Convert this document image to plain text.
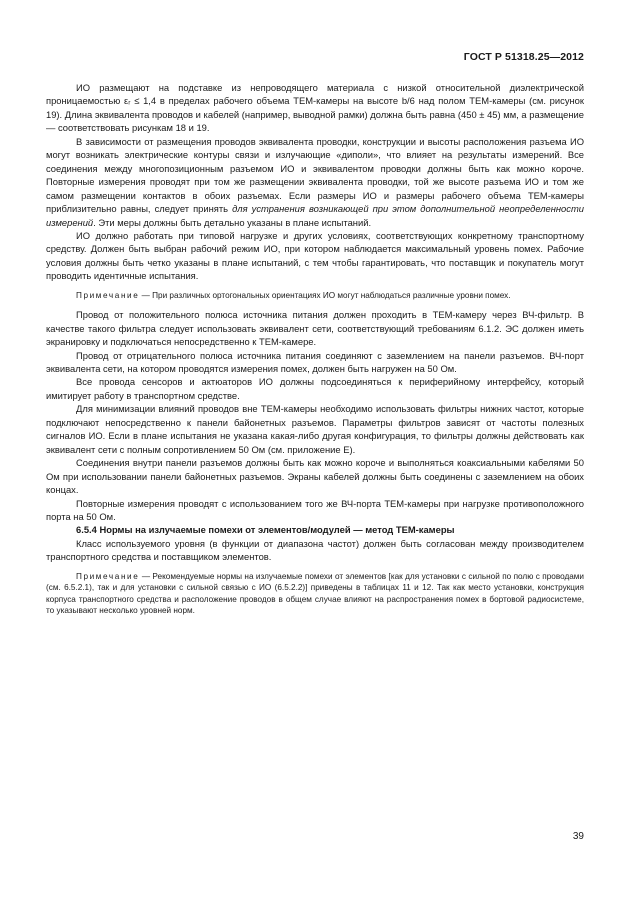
ГОСТ Р 51318.25—2012

ИО размещают на подставке из непроводящего материала с низкой относительной диэлектрической проницаемостью εᵣ ≤ 1,4 в пределах рабочего объема ТЕМ-камеры на высоте b/6 над полом ТЕМ-камеры (см. рисунок 19). Длина эквивалента проводов и кабелей (например, выводной рамки) должна быть равна (450 ± 45) мм, а размещение — соответствовать рисункам 18 и 19.

В зависимости от размещения проводов эквивалента проводки, конструкции и высоты расположения разъема ИО могут возникать электрические контуры связи и излучающие «диполи», что влияет на результаты измерений. Все соединения между многопозиционным разъемом ИО и эквивалентом проводки должны быть как можно короче. Повторные измерения проводят при том же размещении эквивалента проводки, той же высоте разъема ИО и том же самом размещении контактов в обоих разъемах. Если размеры ИО и размеры рабочего объема ТЕМ-камеры приблизительно равны, следует принять для устранения возникающей при этом дополнительной неопределенности измерений. Эти меры должны быть детально указаны в плане испытаний.

ИО должно работать при типовой нагрузке и других условиях, соответствующих конкретному транспортному средству. Должен быть выбран рабочий режим ИО, при котором наблюдается максимальный уровень помех. Рабочие условия должны быть четко указаны в плане испытаний, с тем чтобы гарантировать, что поставщик и покупатель могут проводить идентичные испытания.

Примечание — При различных ортогональных ориентациях ИО могут наблюдаться различные уровни помех.

Провод от положительного полюса источника питания должен проходить в ТЕМ-камеру через ВЧ-фильтр. В качестве такого фильтра следует использовать эквивалент сети, соответствующий требованиям 6.1.2. ЭС должен иметь экранировку и подключаться непосредственно к ТЕМ-камере.

Провод от отрицательного полюса источника питания соединяют с заземлением на панели разъемов. ВЧ-порт эквивалента сети, на котором проводятся измерения помех, должен быть нагружен на 50 Ом.

Все провода сенсоров и актюаторов ИО должны подсоединяться к периферийному интерфейсу, который имитирует работу в транспортном средстве.

Для минимизации влияний проводов вне ТЕМ-камеры необходимо использовать фильтры нижних частот, которые подключают непосредственно к панели байонетных разъемов. Параметры фильтров зависят от частоты полезных сигналов ИО. Если в плане испытания не указана какая-либо другая конфигурация, то фильтры должны действовать как эквивалент сети с полным сопротивлением 50 Ом (см. приложение Е).

Соединения внутри панели разъемов должны быть как можно короче и выполняться коаксиальными кабелями 50 Ом при использовании панели байонетных разъемов. Экраны кабелей должны быть соединены с заземлением на обоих концах.

Повторные измерения проводят с использованием того же ВЧ-порта ТЕМ-камеры при нагрузке противоположного порта на 50 Ом.

6.5.4 Нормы на излучаемые помехи от элементов/модулей — метод ТЕМ-камеры

Класс используемого уровня (в функции от диапазона частот) должен быть согласован между производителем транспортного средства и поставщиком элементов.

Примечание — Рекомендуемые нормы на излучаемые помехи от элементов [как для установки с сильной по полю с проводами (см. 6.5.2.1), так и для установки с сильной связью с ИО (6.5.2.2)] приведены в таблицах 11 и 12. Так как место установки, конструкция корпуса транспортного средства и расположение проводов в общем случае влияют на распространения помех в бортовой радиосистеме, то указывают несколько уровней норм.

39
